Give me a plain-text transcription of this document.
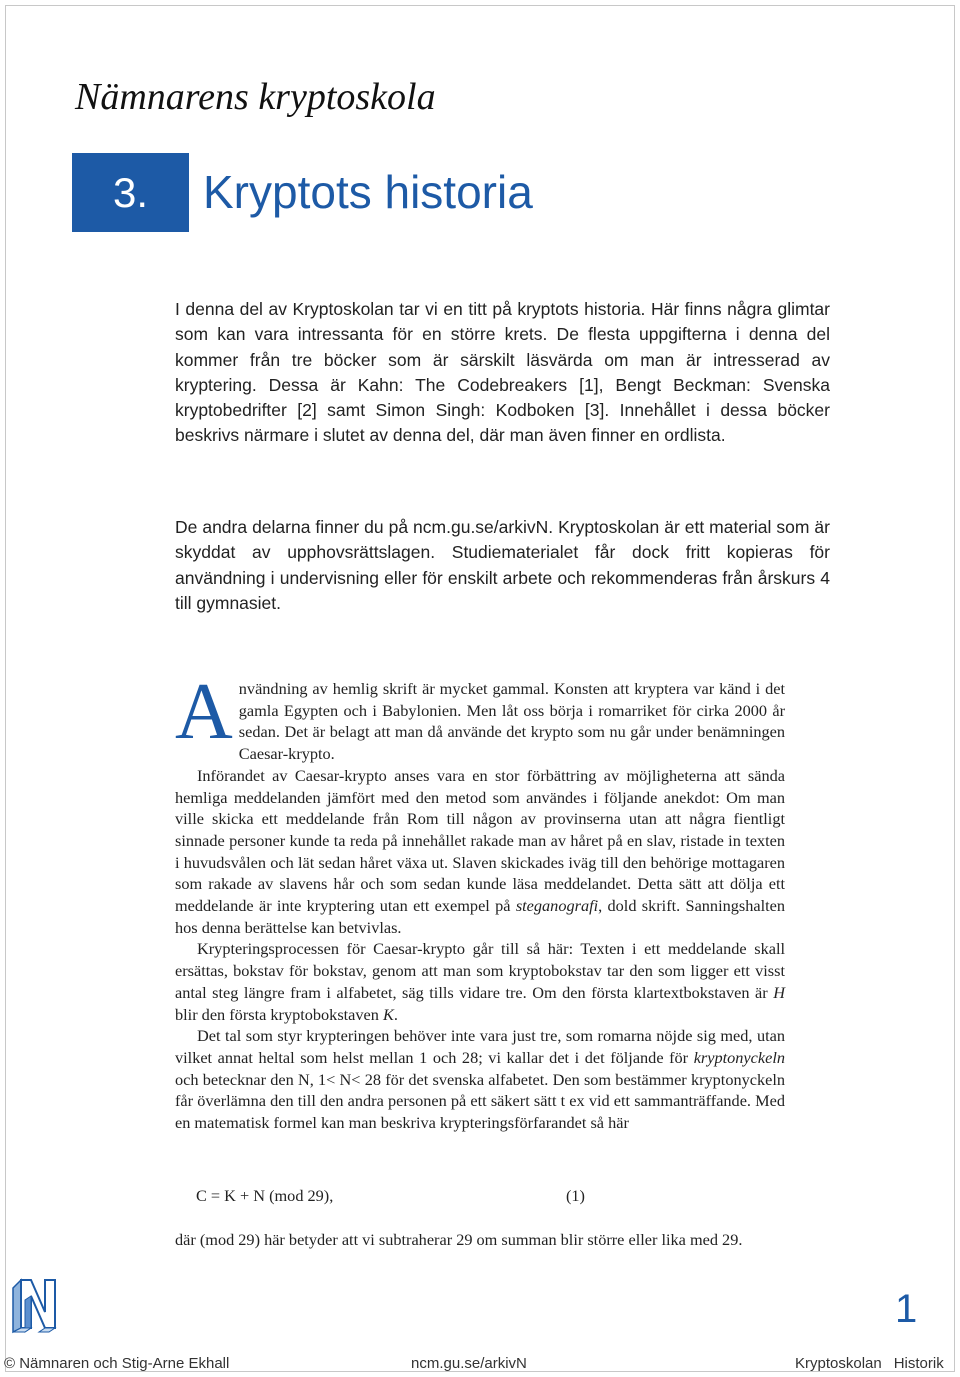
Nämnarens kryptoskola
3.	Kryptots historia

I denna del av Kryptoskolan tar vi en titt på kryptots historia. Här finns några glimtar som kan vara intressanta för en större krets. De flesta uppgifterna i denna del kommer från tre böcker som är särskilt läsvärda om man är intresserad av kryptering. Dessa är Kahn: The Codebreakers [1], Bengt Beckman: Svenska kryptobedrifter [2] samt Simon Singh: Kodboken [3]. Innehållet i dessa böcker beskrivs närmare i slutet av denna del, där man även finner en ordlista.

De andra delarna finner du på ncm.gu.se/arkivN. Kryptoskolan är ett material som är skyddat av upphovsrättslagen. Studiematerialet får dock fritt kopieras för användning i undervisning eller för enskilt arbete och rekommenderas från årskurs 4 till gymnasiet.

Användning av hemlig skrift är mycket gammal. Konsten att kryptera var känd i det gamla Egypten och i Babylonien. Men låt oss börja i romarriket för cirka 2000 år sedan. Det är belagt att man då använde det krypto som nu går under benämningen Caesar-krypto.

Införandet av Caesar-krypto anses vara en stor förbättring av möjligheterna att sända hemliga meddelanden jämfört med den metod som användes i följande anekdot: Om man ville skicka ett meddelande från Rom till någon av provinserna utan att några fientligt sinnade personer kunde ta reda på innehållet rakade man av håret på en slav, ristade in texten i huvudsvålen och lät sedan håret växa ut. Slaven skickades iväg till den behörige mottagaren som rakade av slavens hår och som sedan kunde läsa meddelandet. Detta sätt att dölja ett meddelande är inte kryptering utan ett exempel på steganografi, dold skrift. Sanningshalten hos denna berättelse kan betvivlas.

Krypteringsprocessen för Caesar-krypto går till så här: Texten i ett meddelande skall ersättas, bokstav för bokstav, genom att man som kryptobokstav tar den som ligger ett visst antal steg längre fram i alfabetet, säg tills vidare tre. Om den första klartextbokstaven är H blir den första kryptobokstaven K.

Det tal som styr krypteringen behöver inte vara just tre, som romarna nöjde sig med, utan vilket annat heltal som helst mellan 1 och 28; vi kallar det i det följande för kryptonyckeln och betecknar den N, 1< N< 28 för det svenska alfabetet. Den som bestämmer kryptonyckeln får överlämna den till den andra personen på ett säkert sätt t ex vid ett sammanträffande. Med en matematisk formel kan man beskriva krypteringsförfarandet så här

C = K + N (mod 29),	(1)

där (mod 29) här betyder att vi subtraherar 29 om summan blir större eller lika med 29.

1
© Nämnaren och Stig-Arne Ekhall	ncm.gu.se/arkivN	Kryptoskolan Historik
